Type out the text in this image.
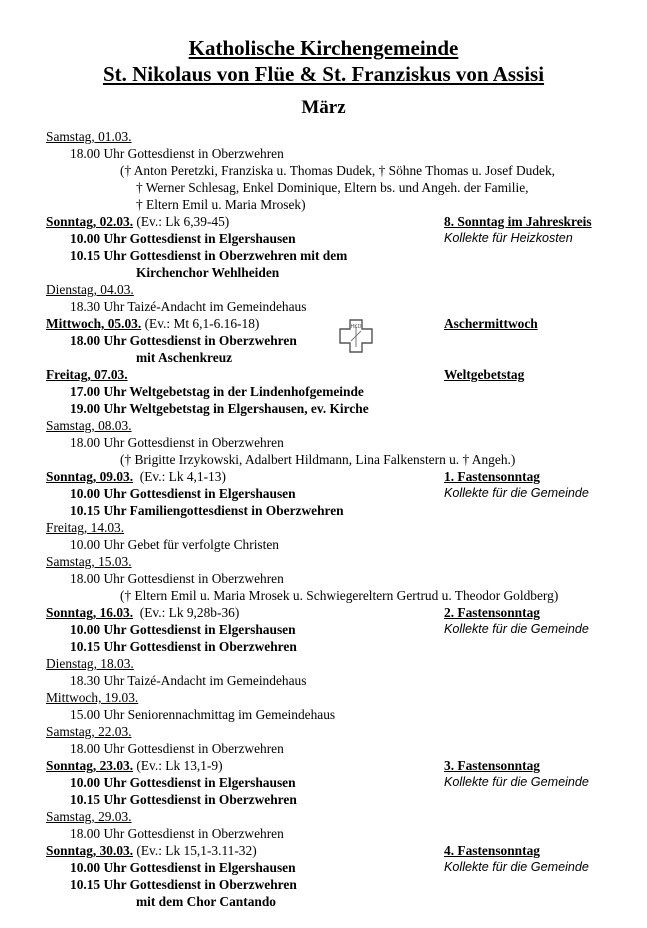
Katholische Kirchengemeinde
St. Nikolaus von Flüe & St. Franziskus von Assisi
März
Samstag, 01.03.
18.00 Uhr Gottesdienst in Oberzwehren
(† Anton Peretzki, Franziska u. Thomas Dudek, † Söhne Thomas u. Josef Dudek,
† Werner Schlesag, Enkel Dominique, Eltern bs. und Angeh. der Familie,
† Eltern Emil u. Maria Mrosek)
Sonntag, 02.03. (Ev.: Lk 6,39-45)	8. Sonntag im Jahreskreis
10.00 Uhr Gottesdienst in Elgershausen	Kollekte für Heizkosten
10.15 Uhr Gottesdienst in Oberzwehren mit dem
Kirchenchor Wehlheiden
Dienstag, 04.03.
18.30 Uhr Taizé-Andacht im Gemeindehaus
Mittwoch, 05.03. (Ev.: Mt 6,1-6.16-18)	Aschermittwoch
18.00 Uhr Gottesdienst in Oberzwehren
mit Aschenkreuz
Freitag, 07.03.	Weltgebetstag
17.00 Uhr Weltgebetstag in der Lindenhofgemeinde
19.00 Uhr Weltgebetstag in Elgershausen, ev. Kirche
Samstag, 08.03.
18.00 Uhr Gottesdienst in Oberzwehren
(† Brigitte Irzykowski, Adalbert Hildmann, Lina Falkenstern u. † Angeh.)
Sonntag, 09.03.  (Ev.: Lk 4,1-13)	1. Fastensonntag
10.00 Uhr Gottesdienst in Elgershausen	Kollekte für die Gemeinde
10.15 Uhr Familiengottesdienst in Oberzwehren
Freitag, 14.03.
10.00 Uhr Gebet für verfolgte Christen
Samstag, 15.03.
18.00 Uhr Gottesdienst in Oberzwehren
(† Eltern Emil u. Maria Mrosek u. Schwiegereltern Gertrud u. Theodor Goldberg)
Sonntag, 16.03.  (Ev.: Lk 9,28b-36)	2. Fastensonntag
10.00 Uhr Gottesdienst in Elgershausen	Kollekte für die Gemeinde
10.15 Uhr Gottesdienst in Oberzwehren
Dienstag, 18.03.
18.30 Uhr Taizé-Andacht im Gemeindehaus
Mittwoch, 19.03.
15.00 Uhr Seniorennachmittag im Gemeindehaus
Samstag, 22.03.
18.00 Uhr Gottesdienst in Oberzwehren
Sonntag, 23.03. (Ev.: Lk 13,1-9)	3. Fastensonntag
10.00 Uhr Gottesdienst in Elgershausen	Kollekte für die Gemeinde
10.15 Uhr Gottesdienst in Oberzwehren
Samstag, 29.03.
18.00 Uhr Gottesdienst in Oberzwehren
Sonntag, 30.03. (Ev.: Lk 15,1-3.11-32)	4. Fastensonntag
10.00 Uhr Gottesdienst in Elgershausen	Kollekte für die Gemeinde
10.15 Uhr Gottesdienst in Oberzwehren
mit dem Chor Cantando
HKD
